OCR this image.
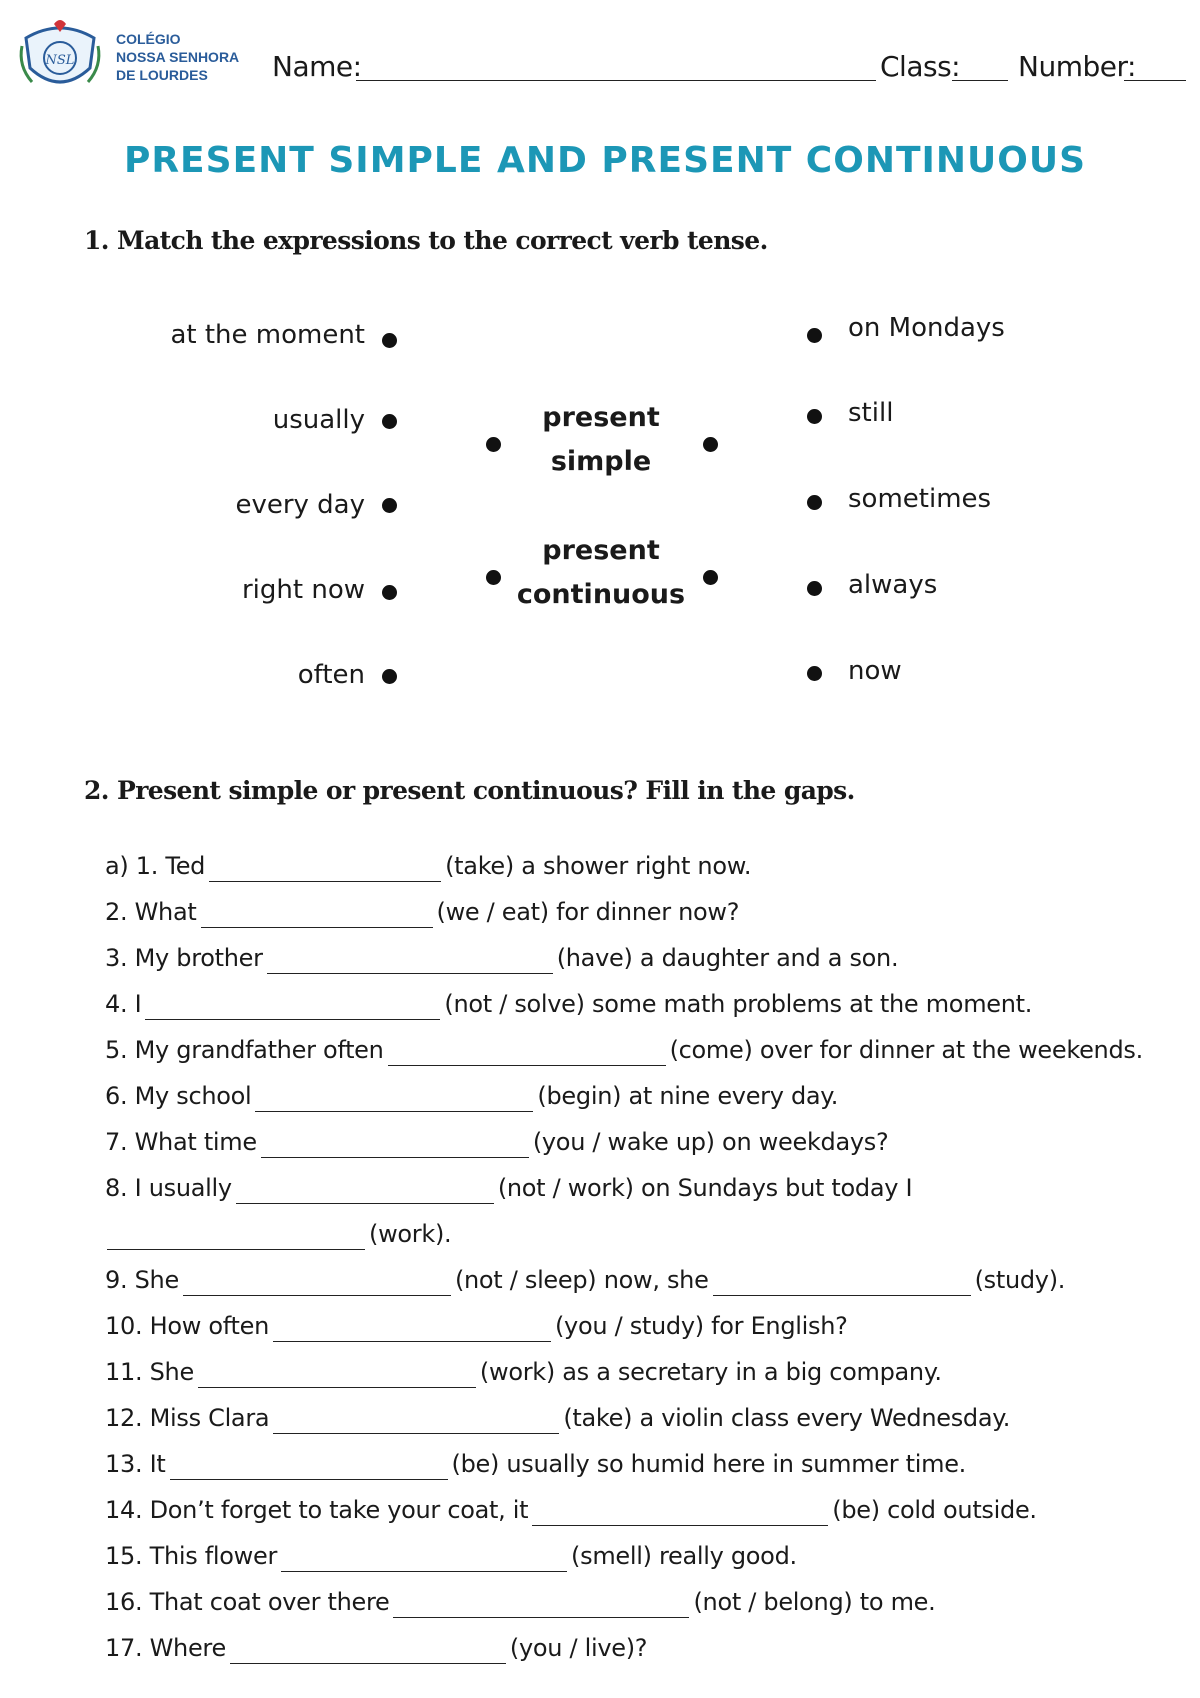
NSL
COLÉGIO
NOSSA SENHORA
DE LOURDES	Name:	Class: Number:
PRESENT SIMPLE AND PRESENT CONTINUOUS
1. Match the expressions to the correct verb tense.
at the moment
usually
every day
right now
often
present
simple
present
continuous
on Mondays
still
sometimes
always
now
2. Present simple or present continuous? Fill in the gaps.
a) 1. Ted	(take) a shower right now.
2. What	(we / eat) for dinner now?
3. My brother	(have) a daughter and a son.
4. I	(not / solve) some math problems at the moment.
5. My grandfather often	(come) over for dinner at the weekends.
6. My school	(begin) at nine every day.
7. What time	(you / wake up) on weekdays?
8. I usually	(not / work) on Sundays but today I
(work).
9. She	(not / sleep) now, she	(study).
10. How often	(you / study) for English?
11. She	(work) as a secretary in a big company.
12. Miss Clara	(take) a violin class every Wednesday.
13. It	(be) usually so humid here in summer time.
14. Don’t forget to take your coat, it	(be) cold outside.
15. This flower	(smell) really good.
16. That coat over there	(not / belong) to me.
17. Where	(you / live)?
